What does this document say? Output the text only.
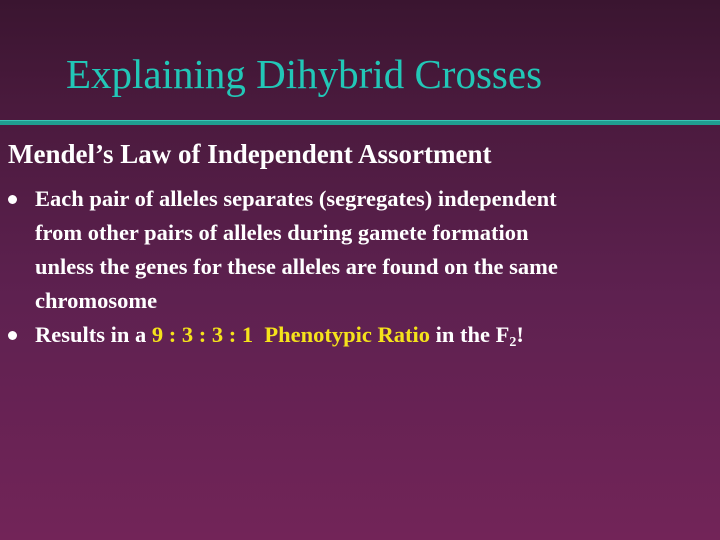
Explaining Dihybrid Crosses
Mendel’s Law of Independent Assortment
Each pair of alleles separates (segregates) independent
from other pairs of alleles during gamete formation
unless the genes for these alleles are found on the same
chromosome
Results in a 9 : 3 : 3 : 1 Phenotypic Ratio in the $F_2$!
